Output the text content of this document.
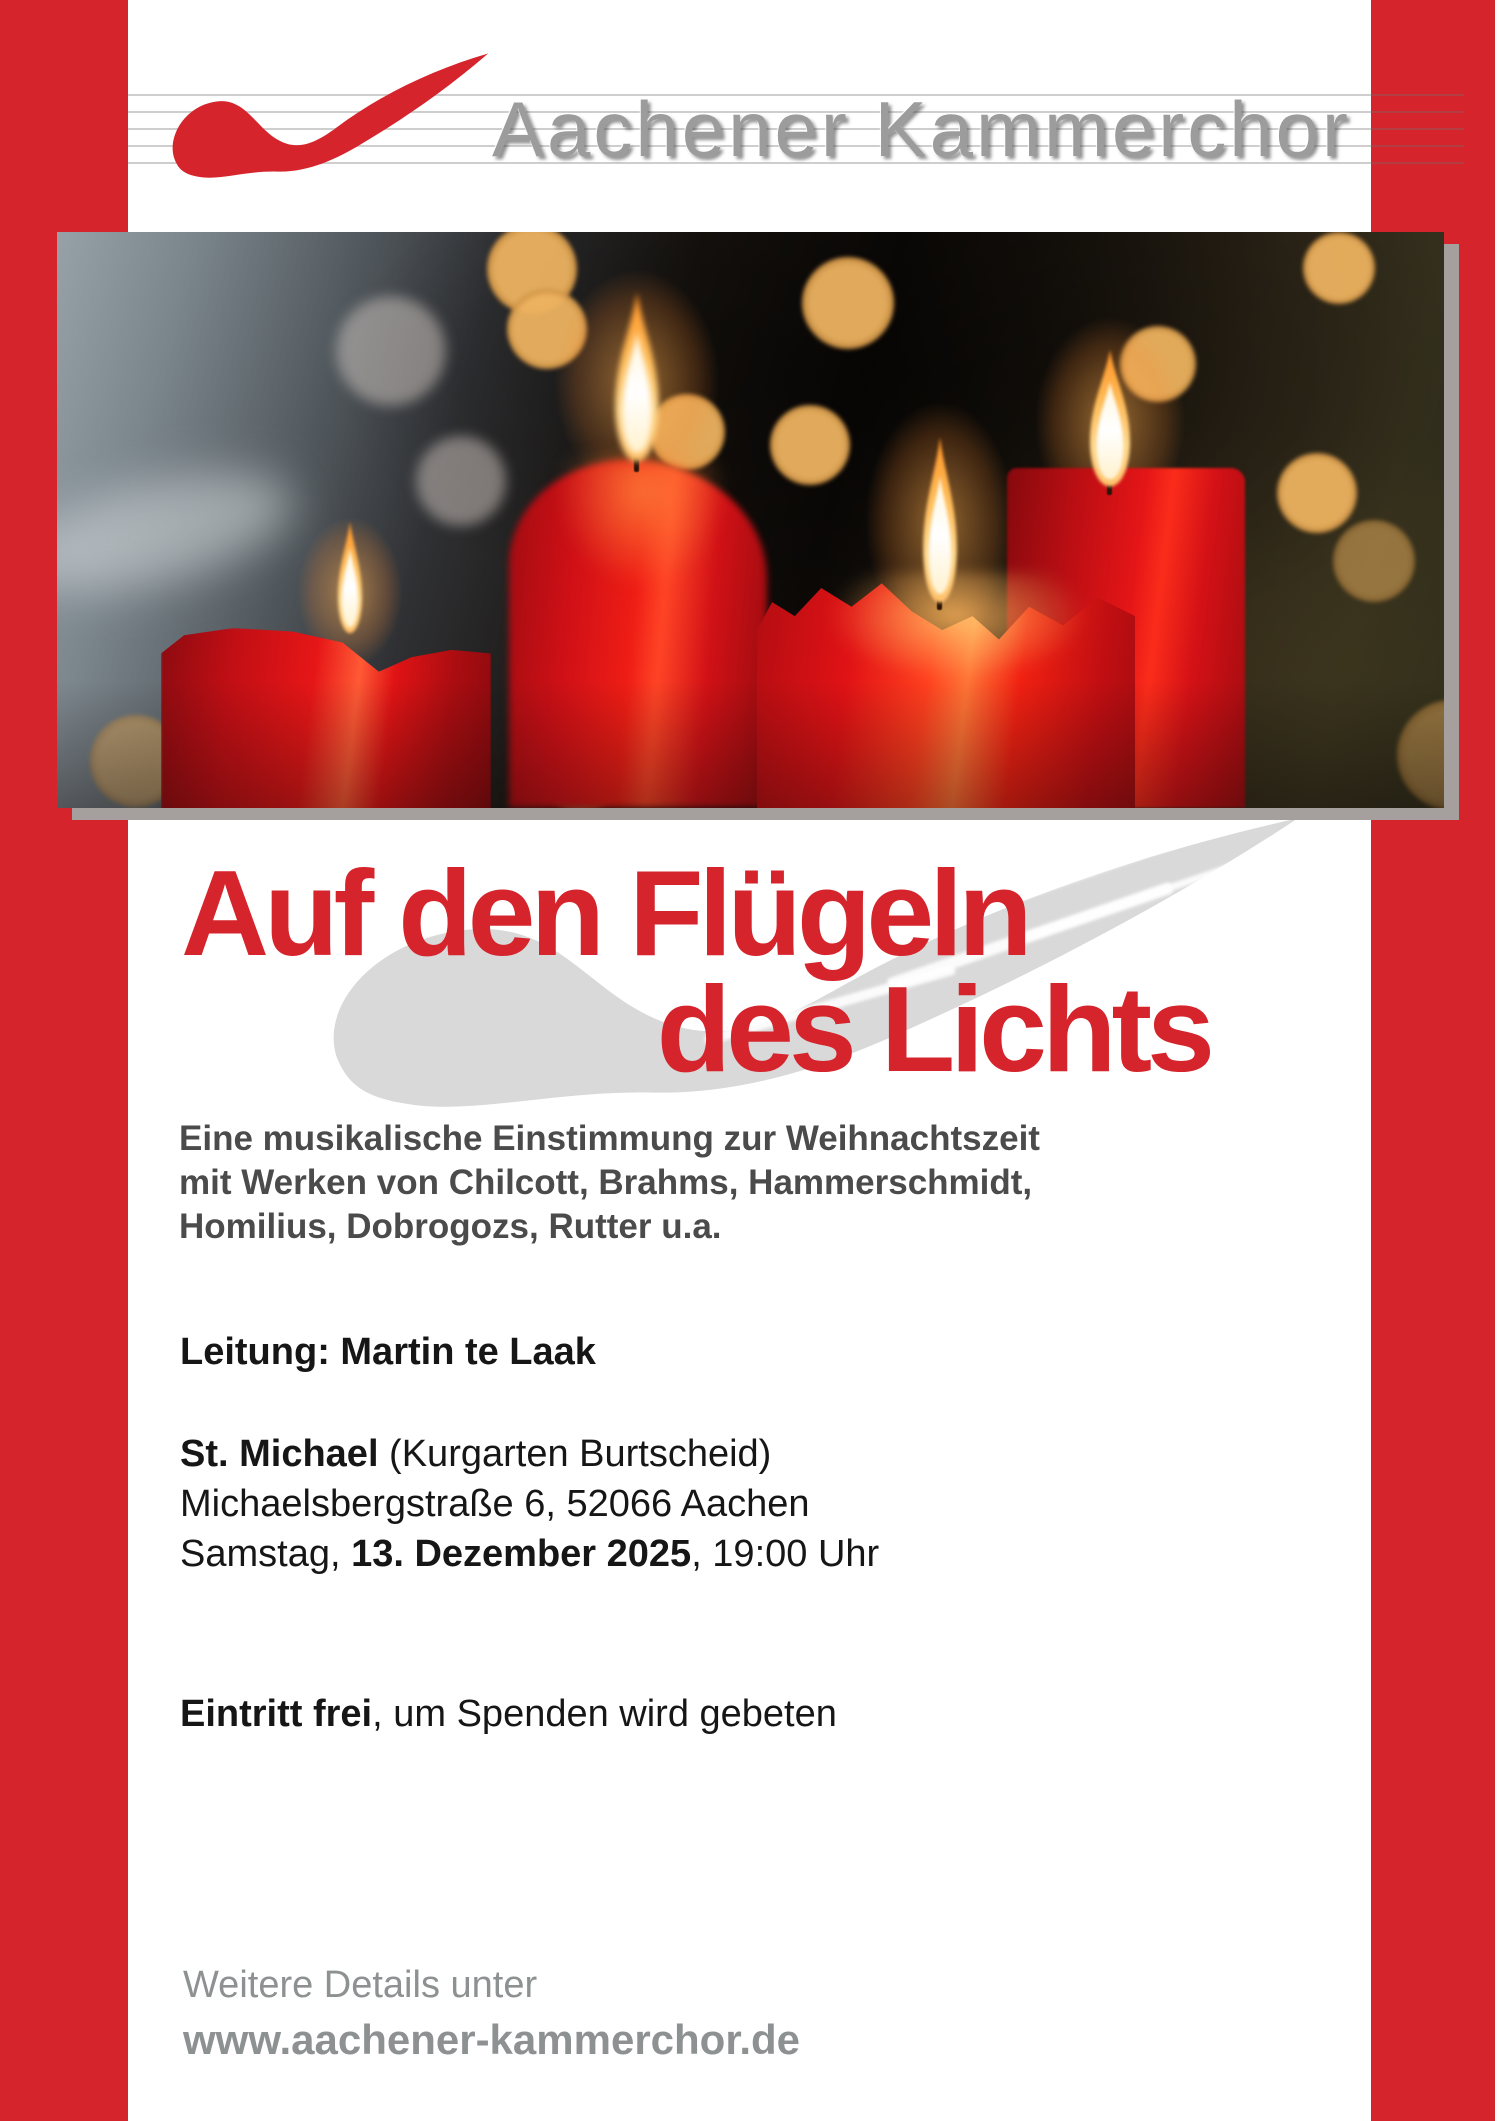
Aachener Kammerchor
Auf den Flügeln
des Lichts
Eine musikalische Einstimmung zur Weihnachtszeit
mit Werken von Chilcott, Brahms, Hammerschmidt,
Homilius, Dobrogozs, Rutter u.a.
Leitung: Martin te Laak
St. Michael (Kurgarten Burtscheid)
Michaelsbergstraße 6, 52066 Aachen
Samstag, 13. Dezember 2025, 19:00 Uhr
Eintritt frei, um Spenden wird gebeten
Weitere Details unter
www.aachener-kammerchor.de
